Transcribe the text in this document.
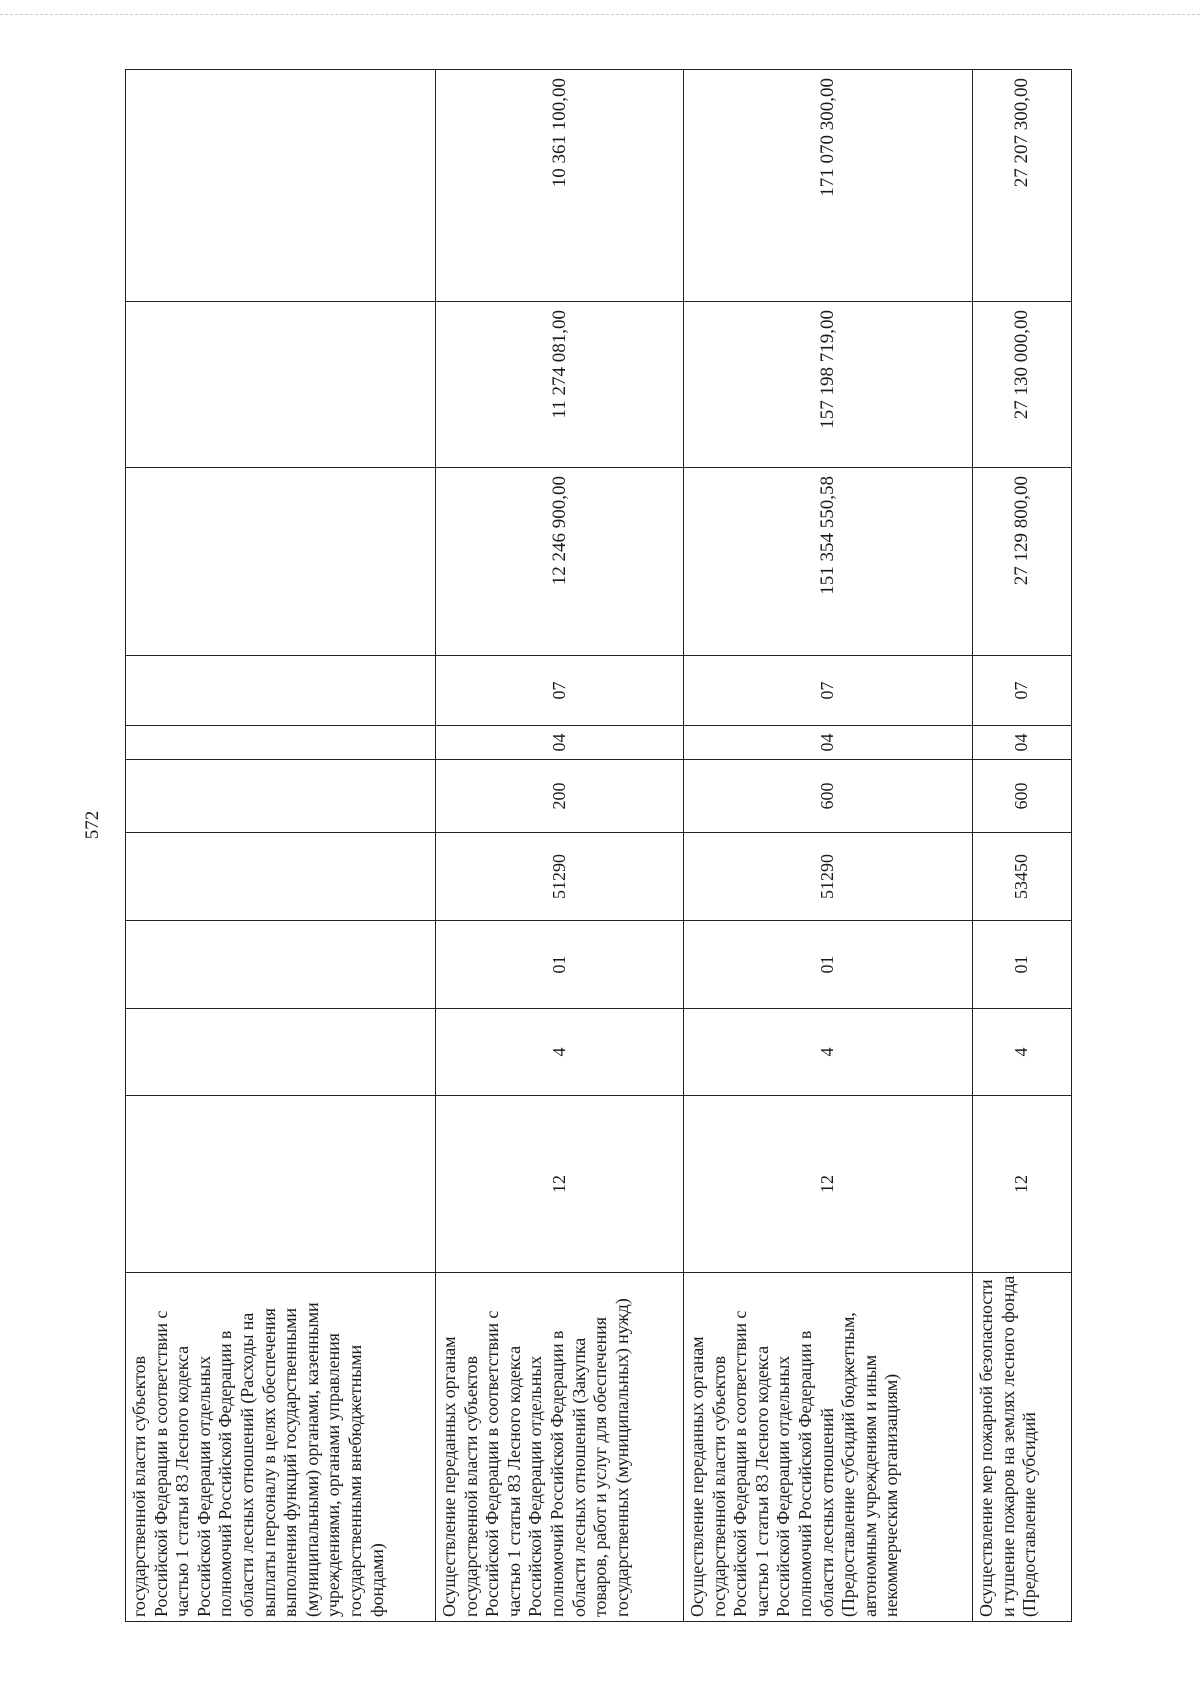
572
государственной власти субъектов Российской Федерации в соответствии с частью 1 статьи 83 Лесного кодекса Российской Федерации отдельных полномочий Российской Федерации в области лесных отношений (Расходы на выплаты персоналу в целях обеспечения выполнения функций государственными (муниципальными) органами, казенными учреждениями, органами управления государственными внебюджетными фондами)										
Осуществление переданных органам государственной власти субъектов Российской Федерации в соответствии с частью 1 статьи 83 Лесного кодекса Российской Федерации отдельных полномочий Российской Федерации в области лесных отношений (Закупка товаров, работ и услуг для обеспечения государственных (муниципальных) нужд)	12	4	01	51290	200	04	07	12 246 900,00	11 274 081,00	10 361 100,00
Осуществление переданных органам государственной власти субъектов Российской Федерации в соответствии с частью 1 статьи 83 Лесного кодекса Российской Федерации отдельных полномочий Российской Федерации в области лесных отношений (Предоставление субсидий бюджетным, автономным учреждениям и иным некоммерческим организациям)	12	4	01	51290	600	04	07	151 354 550,58	157 198 719,00	171 070 300,00
Осуществление мер пожарной безопасности и тушение пожаров на землях лесного фонда (Предоставление субсидий	12	4	01	53450	600	04	07	27 129 800,00	27 130 000,00	27 207 300,00
